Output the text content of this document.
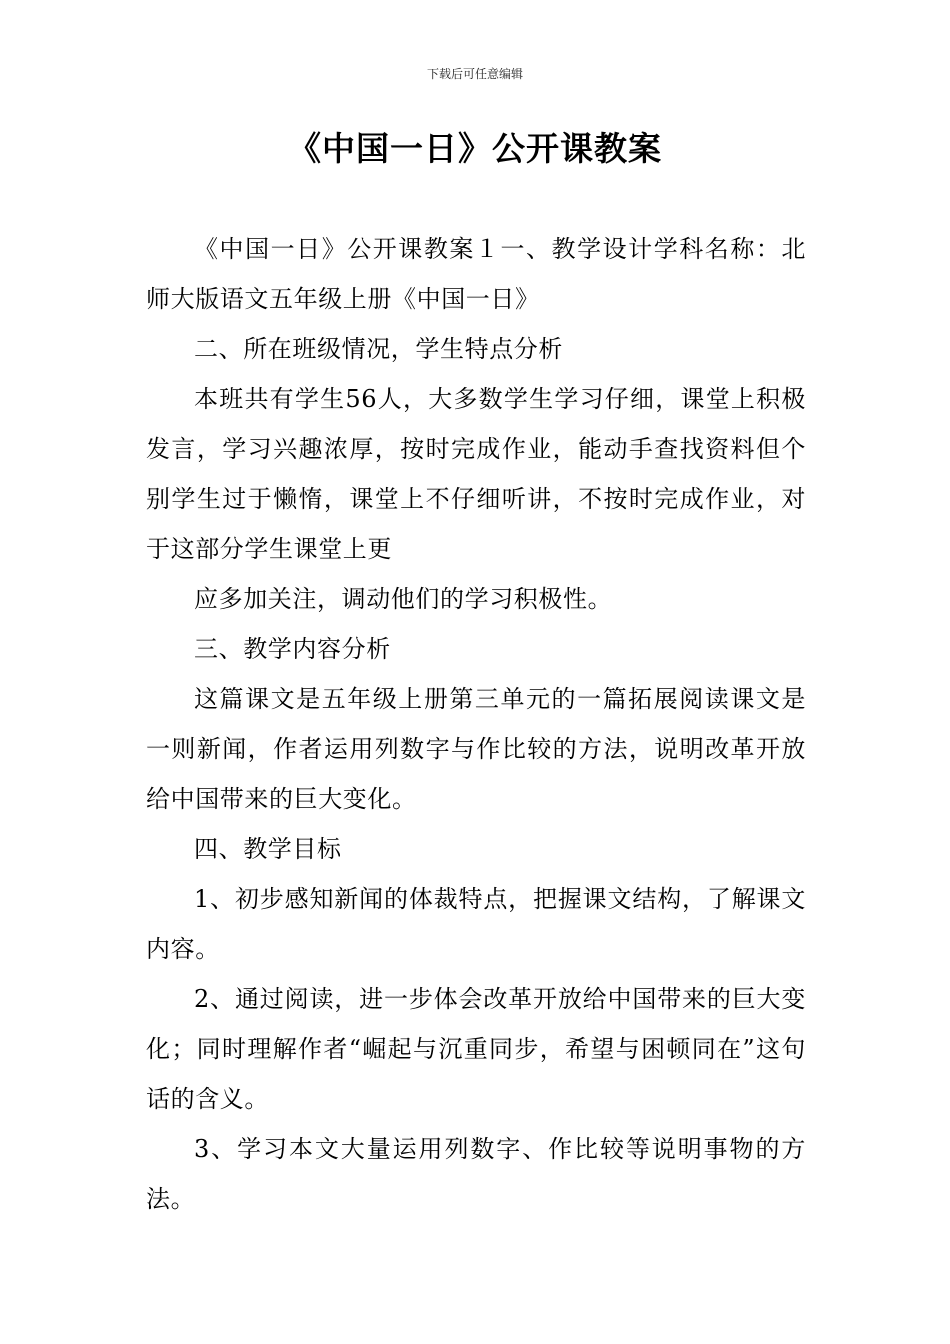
下载后可任意编辑
《中国一日》公开课教案

《中国一日》公开课教案１一、教学设计学科名称：北师大版语文五年级上册《中国一日》

二、所在班级情况，学生特点分析

本班共有学生56人，大多数学生学习仔细，课堂上积极发言，学习兴趣浓厚，按时完成作业，能动手查找资料但个别学生过于懒惰，课堂上不仔细听讲，不按时完成作业，对于这部分学生课堂上更

应多加关注，调动他们的学习积极性。

三、教学内容分析

这篇课文是五年级上册第三单元的一篇拓展阅读课文是一则新闻，作者运用列数字与作比较的方法，说明改革开放给中国带来的巨大变化。

四、教学目标

1、初步感知新闻的体裁特点，把握课文结构，了解课文内容。

2、通过阅读，进一步体会改革开放给中国带来的巨大变化；同时理解作者“崛起与沉重同步，希望与困顿同在”这句话的含义。

3、学习本文大量运用列数字、作比较等说明事物的方法。
